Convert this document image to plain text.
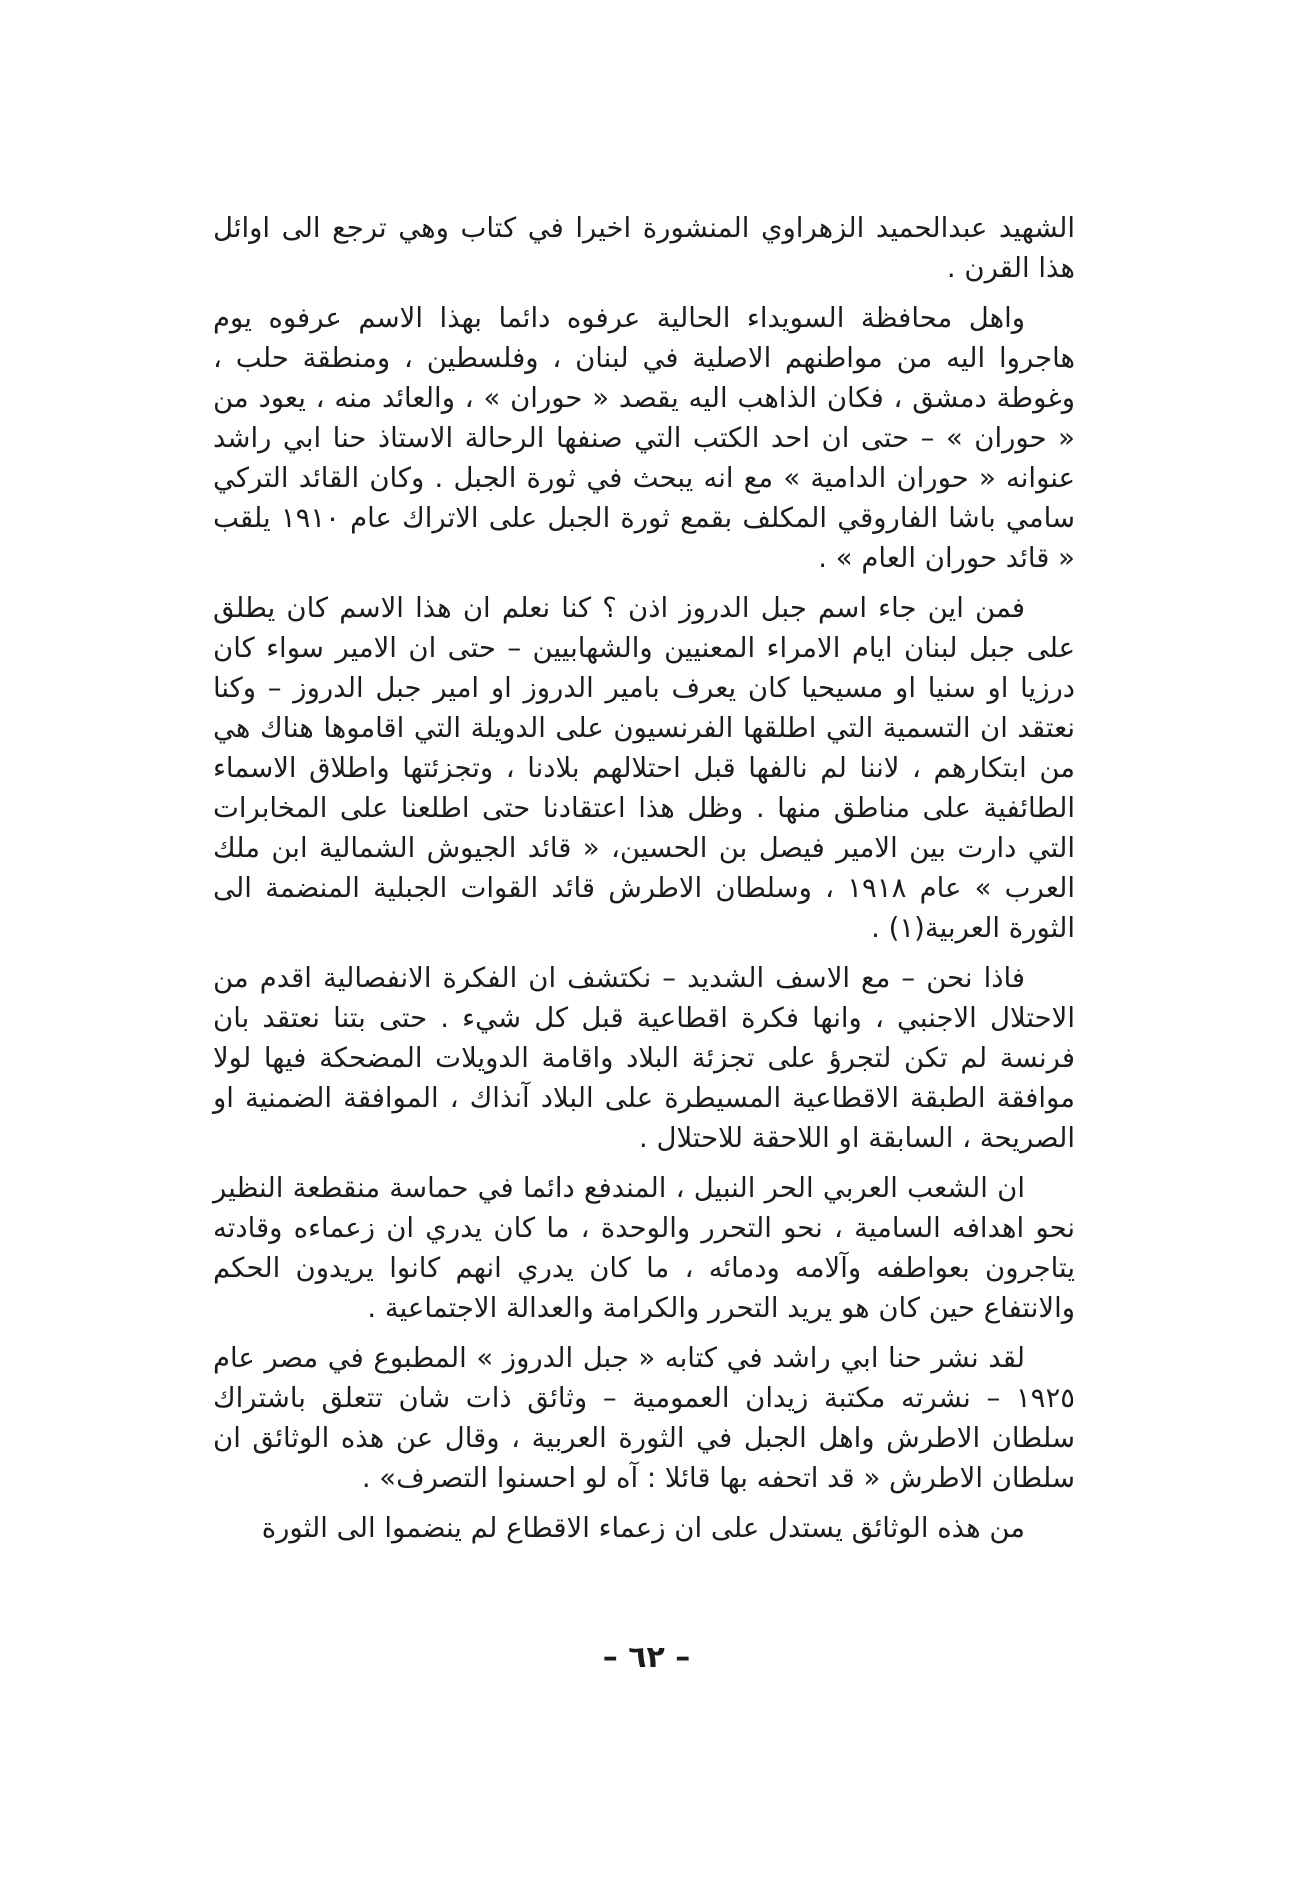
الشهيد عبدالحميد الزهراوي المنشورة اخيرا في كتاب وهي ترجع الى اوائل هذا القرن .

واهل محافظة السويداء الحالية عرفوه دائما بهذا الاسم عرفوه يوم هاجروا اليه من مواطنهم الاصلية في لبنان ، وفلسطين ، ومنطقة حلب ، وغوطة دمشق ، فكان الذاهب اليه يقصد « حوران » ، والعائد منه ، يعود من « حوران » – حتى ان احد الكتب التي صنفها الرحالة الاستاذ حنا ابي راشد عنوانه « حوران الدامية » مع انه يبحث في ثورة الجبل . وكان القائد التركي سامي باشا الفاروقي المكلف بقمع ثورة الجبل على الاتراك عام ١٩١٠ يلقب « قائد حوران العام » .

فمن اين جاء اسم جبل الدروز اذن ؟ كنا نعلم ان هذا الاسم كان يطلق على جبل لبنان ايام الامراء المعنيين والشهابيين – حتى ان الامير سواء كان درزيا او سنيا او مسيحيا كان يعرف بامير الدروز او امير جبل الدروز – وكنا نعتقد ان التسمية التي اطلقها الفرنسيون على الدويلة التي اقاموها هناك هي من ابتكارهم ، لاننا لم نالفها قبل احتلالهم بلادنا ، وتجزئتها واطلاق الاسماء الطائفية على مناطق منها . وظل هذا اعتقادنا حتى اطلعنا على المخابرات التي دارت بين الامير فيصل بن الحسين، « قائد الجيوش الشمالية ابن ملك العرب » عام ١٩١٨ ، وسلطان الاطرش قائد القوات الجبلية المنضمة الى الثورة العربية(١) .

فاذا نحن – مع الاسف الشديد – نكتشف ان الفكرة الانفصالية اقدم من الاحتلال الاجنبي ، وانها فكرة اقطاعية قبل كل شيء . حتى بتنا نعتقد بان فرنسة لم تكن لتجرؤ على تجزئة البلاد واقامة الدويلات المضحكة فيها لولا موافقة الطبقة الاقطاعية المسيطرة على البلاد آنذاك ، الموافقة الضمنية او الصريحة ، السابقة او اللاحقة للاحتلال .

ان الشعب العربي الحر النبيل ، المندفع دائما في حماسة منقطعة النظير نحو اهدافه السامية ، نحو التحرر والوحدة ، ما كان يدري ان زعماءه وقادته يتاجرون بعواطفه وآلامه ودمائه ، ما كان يدري انهم كانوا يريدون الحكم والانتفاع حين كان هو يريد التحرر والكرامة والعدالة الاجتماعية .

لقد نشر حنا ابي راشد في كتابه « جبل الدروز » المطبوع في مصر عام ١٩٢٥ – نشرته مكتبة زيدان العمومية – وثائق ذات شان تتعلق باشتراك سلطان الاطرش واهل الجبل في الثورة العربية ، وقال عن هذه الوثائق ان سلطان الاطرش « قد اتحفه بها قائلا : آه لو احسنوا التصرف» .

من هذه الوثائق يستدل على ان زعماء الاقطاع لم ينضموا الى الثورة

– ٦٢ –
